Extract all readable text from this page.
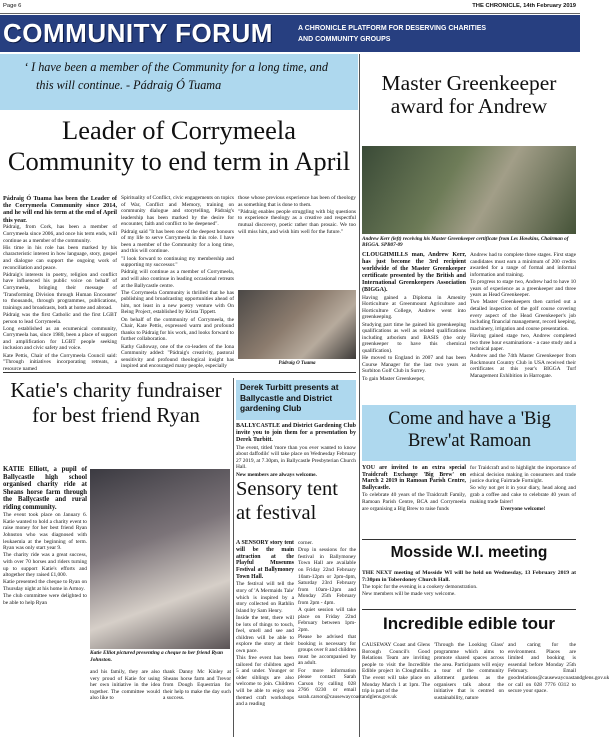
Page 6	THE CHRONICLE, 14th February 2019
COMMUNITY FORUM	A CHRONICLE PLATFORM FOR DESERVING CHARITIES AND COMMUNITY GROUPS
‘ I have been a member of the Community for a long time, and this will continue. - Pádraig Ó Tuama	Master Greenkeeper award for Andrew
Leader of Corrymeela Community to end term in April

Pádraig Ó Tuama has been the Leader of the Corrymeela Community since 2014, and he will end his term at the end of April this year.

Pádraig, from Cork, has been a member of Corrymeela since 2006, and once his term ends, will continue as a member of the community.

His time in his role has been marked by his characteristic interest in how language, story, gospel and dialogue can support the ongoing work of reconciliation and peace.

Pádraig's interests in poetry, religion and conflict have influenced his public voice on behalf of Corrymeela, bringing their message of 'Transforming Division through Human Encounter' to thousands, through programmes, publications, trainings and broadcasts, both at home and abroad.

Pádraig was the first Catholic and the first LGBT person to lead Corrymeela.

Long established as an ecumenical community, Corrymeela has, since 1980, been a place of support and amplification for LGBT people seeking inclusion and civic safety and voice.

Kate Pettis, Chair of the Corrymeela Council said: "Through initiatives incorporating retreats, a resource named

Spirituality of Conflict, civic engagements on topics of War, Conflict and Memory, training on community dialogue and storytelling, Pádraig's leadership has been marked by the desire for encounter, faith and conflict to be deepened".

Pádraig said "It has been one of the deepest honours of my life to serve Corrymeela in this role. I have been a member of the Community for a long time, and this will continue.

"I look forward to continuing my membership and supporting my successor."

Pádraig will continue as a member of Corrymeela, and will also continue in leading occasional retreats at the Ballycastle centre.

The Corrymeela Community is thrilled that he has publishing and broadcasting opportunities ahead of him, not least in a new poetry venture with On Being Project, established by Krista Tippett.

On behalf of the community of Corrymeela, the Chair, Kate Pettis, expressed warm and profound thanks to Pádraig for his work, and looks forward to further collaboration.

Kathy Galloway, one of the co-leaders of the Iona Community added: "Pádraig's creativity, pastoral sensitivity and profound theological insight has inspired and encouraged many people, especially

those whose previous experience has been of theology as something that is done to them.

"Pádraig enables people struggling with big questions to experience theology as a creative and respectful mutual discovery, poetic rather than prosaic. We too will miss him, and wish him well for the future."

Pádraig O Tuama
Andrew Kerr (left) receiving his Master Greenkeeper certificate from Les Howkins, Chairman of BIGGA. SPB07-09

CLOUGHMILLS man, Andrew Kerr, has just become the 3rd recipient worldwide of the Master Greenkeeper certificate presented by the British and International Greenkeepers Association (BIGGA).

Having gained a Diploma in Amenity Horticulture at Greenmount Agriculture and Horticulture College, Andrew went into greenkeeping.

Studying part time he gained his greenkeeping qualifications as well as related qualifications including arborism and BASIS (the only greenkeeper to have this chemical qualification).

He moved to England in 2007 and has been Course Manager for the last two years at Surbiton Golf Club in Surrey.

To gain Master Greenkeeper,

Andrew had to complete three stages. First stage candidates must earn a minimum of 200 credits awarded for a range of formal and informal information and training.

To progress to stage two, Andrew had to have 10 years of experience as a greenkeeper and three years as Head Greenkeeper.

Two Master Greenkeepers then carried out a detailed inspection of the golf course covering every aspect of the Head Greenkeeper's job including financial management, record keeping, machinery, irrigation and course presentation.

Having gained stage two, Andrew completed two three hour examinations - a case study and a technical paper.

Andrew and the 74th Master Greenkeeper from Rockmount Country Club in USA received their certificates at this year's BIGGA Turf Management Exhibition in Harrogate.

Katie's charity fundraiser for best friend Ryan

KATIE Elliott, a pupil of Ballycastle high school organised charity ride at Sheans horse farm through the Ballycastle and rural riding community.

The event took place on January 6. Katie wanted to hold a charity event to raise money for her best friend Ryan Johnston who was diagnosed with leukaemia at the beginning of term. Ryan was only start year 9.

The charity ride was a great success, with over 70 horses and riders turning up to support Katie's efforts and altogether they raised £1,000.

Katie presented the cheque to Ryan on Thursday night at his home in Armoy.

The club committee were delighted to be able to help Ryan

Katie Elliot pictured presenting a cheque to her friend Ryan Johnston.

and his family, they are also very proud of Katie for using her own initiative in the idea together. The committee would also like to

thank Danny Mc Kinley at Sheans horse farm and Trevor from Dough Equestrian for their help to make the day such a success.

Derek Turbitt presents at Ballycastle and District gardening Club

BALLYCASTLE and District Gardening Club invite you to join them for a presentation by Derek Turbitt.

The event, titled 'more than you ever wanted to know about daffodils' will take place on Wednesday February 27 2019, at 7.30pm, in Ballycastle Presbyterian Church Hall.

New members are always welcome.

Sensory tent at festival

A SENSORY story tent will be the main attraction at the Playful Museums Festival at Ballymoney Town Hall.

The festival will tell the story of 'A Mermaids Tale' which is inspired by a story collected on Rathlin Island by Sam Henry.

Inside the tent, there will be lots of things to touch, feel, smell and see and children will be able to explore the story at their own pace.

This free event has been tailored for children aged 5 and under. Younger or older siblings are also welcome to join. Children will be able to enjoy sea themed craft workshops and a reading

corner.

Drop in sessions for the festival in Ballymoney Town Hall are available on Friday 22nd February 10am-12pm or 2pm-4pm, Saturday 23rd February from 10am-12pm and Monday 25th February from 2pm - 4pm.

A quiet session will take place on Friday 22nd February between 1pm-2pm.

Please be advised that booking is necessary for groups over 8 and children must be accompanied by an adult.

For more information please contact Sarah Carson by calling 028 2766 0230 or email sarah.carson@causewaycoastandglens.gov.uk

Come and have a 'Big Brew'at Ramoan

YOU are invited to an extra special Traidcraft Exchange 'Big Brew' on March 2 2019 in Ramoan Parish Centre, Ballycastle.

To celebrate 40 years of the Traidcraft Family, Ramoan Parish Centre, BCA and Corrymeela are organising a Big Brew to raise funds

for Traidcraft and to highlight the importance of ethical decision making in consumers and trade justice during Fairtrade Fortnight.

So why not get it in your diary, head along and grab a coffee and cake to celebrate 40 years of making trade fairer!

Everyone welcome!

Mosside W.I. meeting

THE NEXT meeting of Mosside WI will be held on Wednesday, 13 February 2019 at 7:30pm in Toberdoney Church Hall.

The topic for the evening is a cookery demonstration.

New members will be made very welcome.

Incredible edible tour

CAUSEWAY Coast and Glens Borough Council's Good Relations Team are inviting people to visit the Incredible Edible project in Cloughmills. The event will take place on Monday March 1 at 1pm. The trip is part of the

'Through the Looking Glass' programme which aims to promote shared spaces across the area. Participants will enjoy a tour of the community allotment gardens as the organisers talk about the initiative that is centred on sustainability, nature

and caring for the environment. Places are limited and booking is essential before Monday 25th February. Email goodrelations@causewaycoastandglens.gov.uk or call on 028 7776 0312 to secure your space.
